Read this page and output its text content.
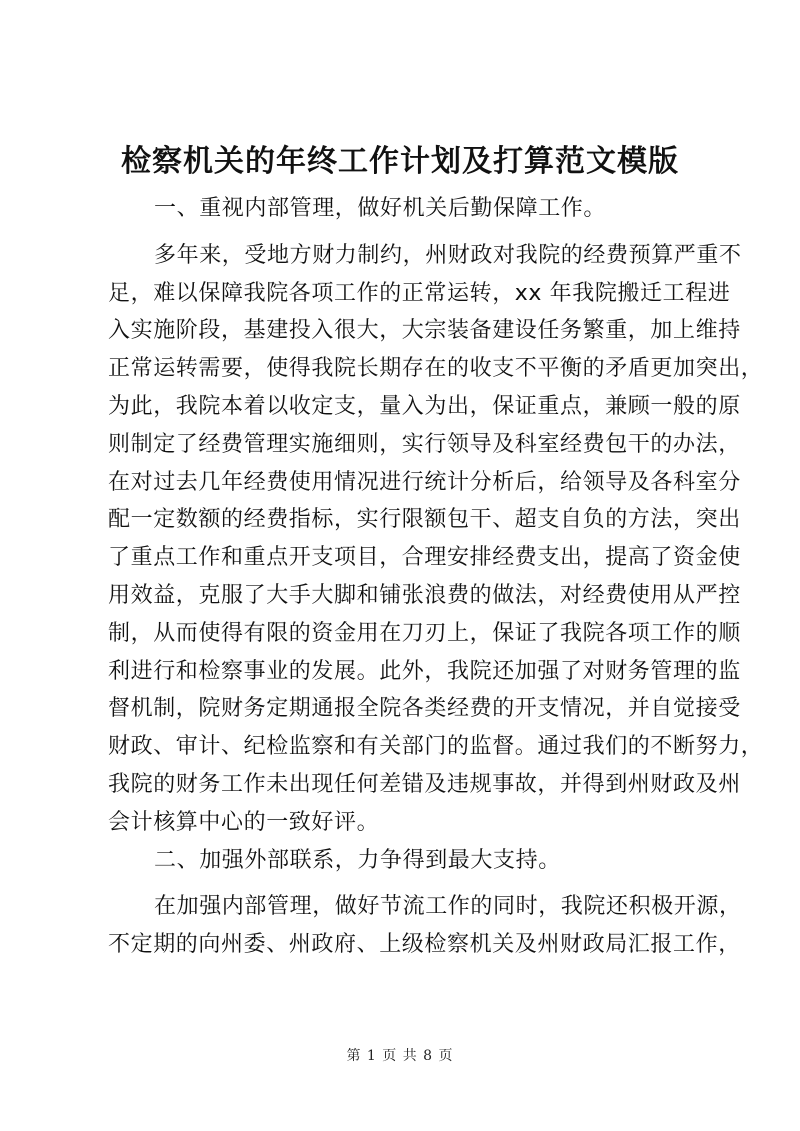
检察机关的年终工作计划及打算范文模版
一、重视内部管理，做好机关后勤保障工作。
多年来，受地方财力制约，州财政对我院的经费预算严重不
足，难以保障我院各项工作的正常运转，xx 年我院搬迁工程进
入实施阶段，基建投入很大，大宗装备建设任务繁重，加上维持
正常运转需要，使得我院长期存在的收支不平衡的矛盾更加突出，
为此，我院本着以收定支，量入为出，保证重点，兼顾一般的原
则制定了经费管理实施细则，实行领导及科室经费包干的办法，
在对过去几年经费使用情况进行统计分析后，给领导及各科室分
配一定数额的经费指标，实行限额包干、超支自负的方法，突出
了重点工作和重点开支项目，合理安排经费支出，提高了资金使
用效益，克服了大手大脚和铺张浪费的做法，对经费使用从严控
制，从而使得有限的资金用在刀刃上，保证了我院各项工作的顺
利进行和检察事业的发展。此外，我院还加强了对财务管理的监
督机制，院财务定期通报全院各类经费的开支情况，并自觉接受
财政、审计、纪检监察和有关部门的监督。通过我们的不断努力，
我院的财务工作未出现任何差错及违规事故，并得到州财政及州
会计核算中心的一致好评。
二、加强外部联系，力争得到最大支持。
在加强内部管理，做好节流工作的同时，我院还积极开源，
不定期的向州委、州政府、上级检察机关及州财政局汇报工作，
第 1 页 共 8 页
